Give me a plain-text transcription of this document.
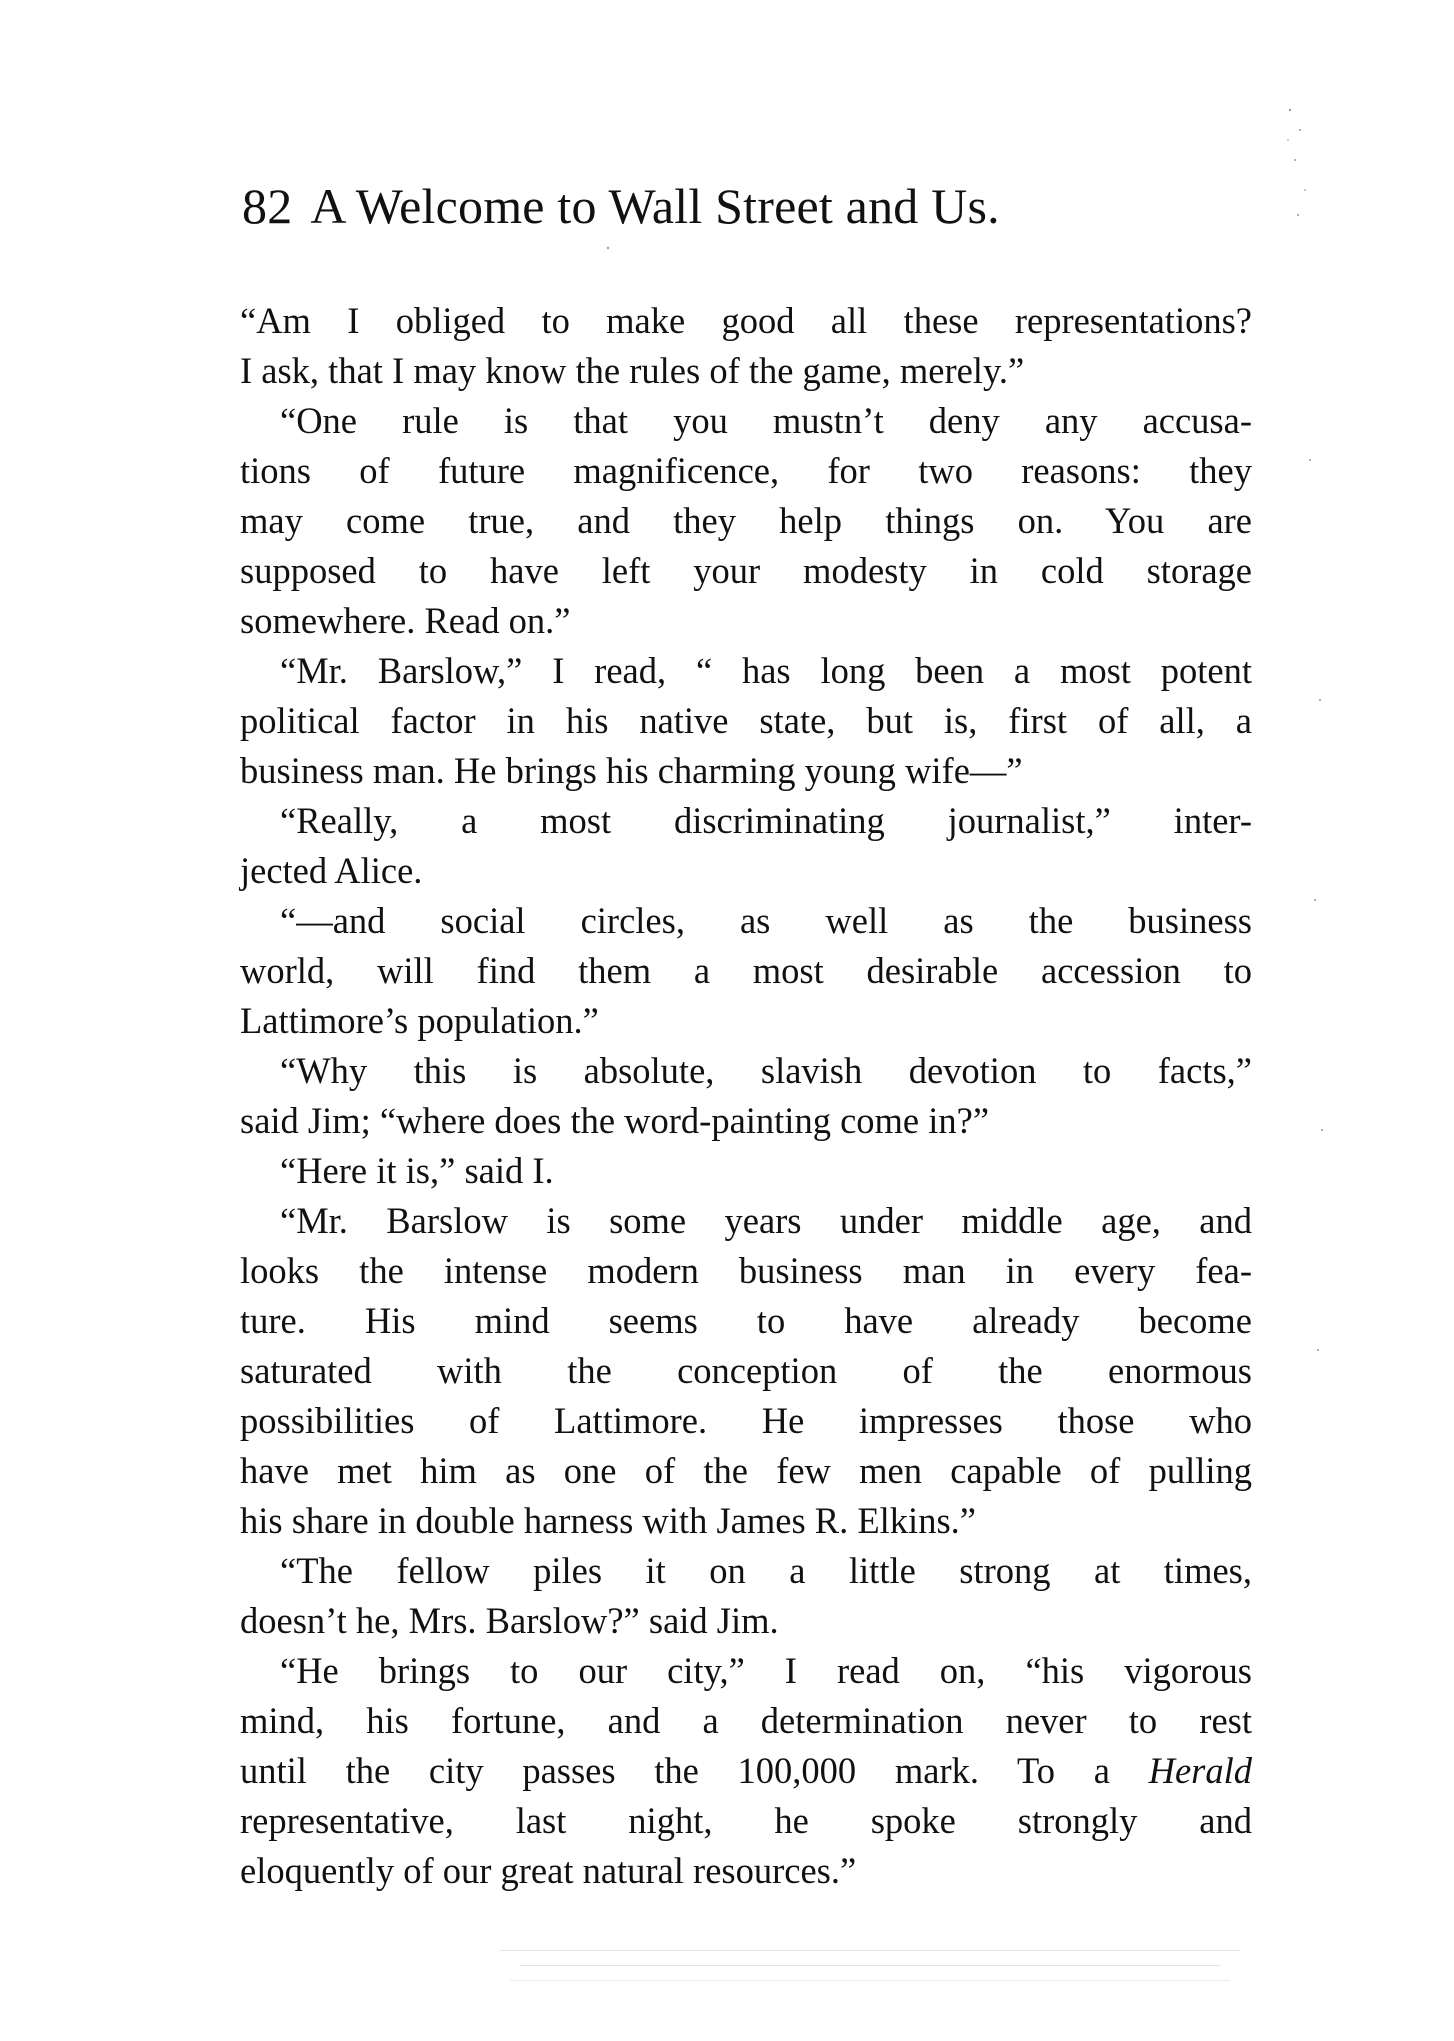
82 A Welcome to Wall Street and Us.
“Am I obliged to make good all these representations?
I ask, that I may know the rules of the game, merely.”
“One rule is that you mustn’t deny any accusa-
tions of future magnificence, for two reasons: they
may come true, and they help things on. You are
supposed to have left your modesty in cold storage
somewhere. Read on.”
“Mr. Barslow,” I read, “ has long been a most potent
political factor in his native state, but is, first of all, a
business man. He brings his charming young wife—”
“Really, a most discriminating journalist,” inter-
jected Alice.
“—and social circles, as well as the business
world, will find them a most desirable accession to
Lattimore’s population.”
“Why this is absolute, slavish devotion to facts,”
said Jim; “where does the word-painting come in?”
“Here it is,” said I.
“Mr. Barslow is some years under middle age, and
looks the intense modern business man in every fea-
ture. His mind seems to have already become
saturated with the conception of the enormous
possibilities of Lattimore. He impresses those who
have met him as one of the few men capable of pulling
his share in double harness with James R. Elkins.”
“The fellow piles it on a little strong at times,
doesn’t he, Mrs. Barslow?” said Jim.
“He brings to our city,” I read on, “his vigorous
mind, his fortune, and a determination never to rest
until the city passes the 100,000 mark. To a Herald
representative, last night, he spoke strongly and
eloquently of our great natural resources.”
